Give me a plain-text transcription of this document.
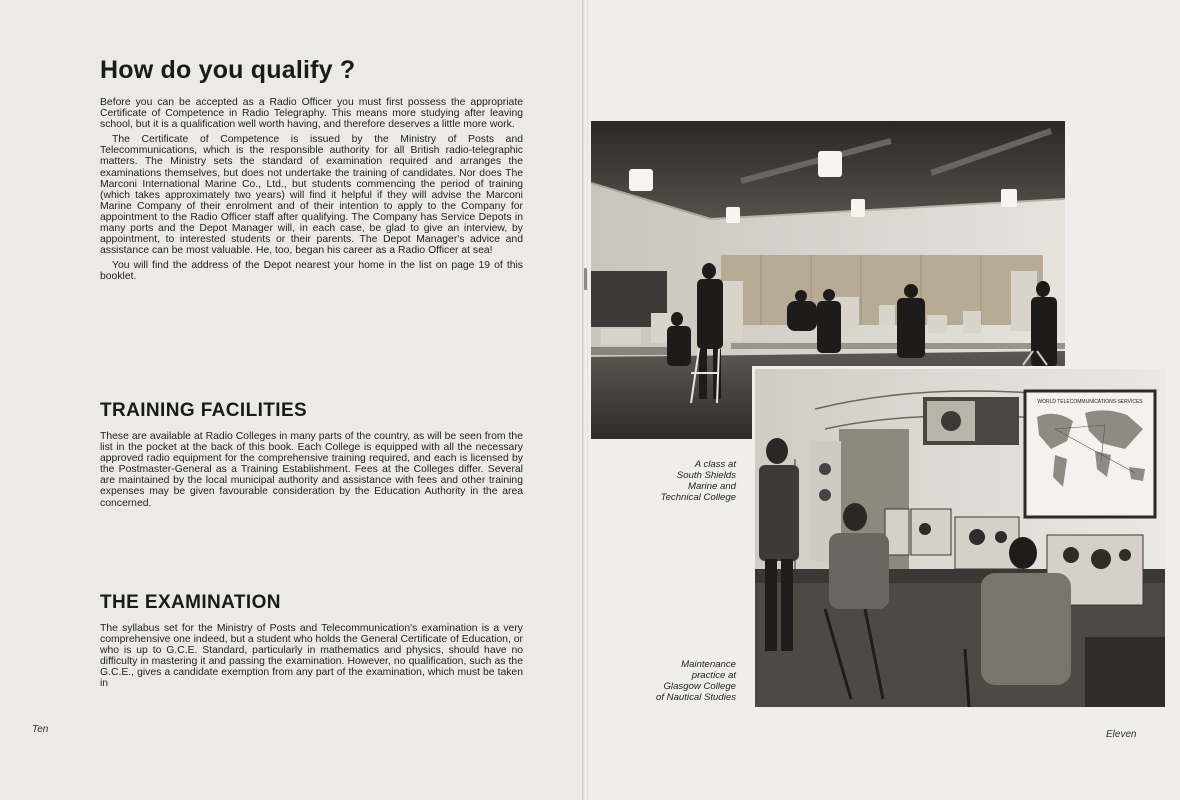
How do you qualify ?

Before you can be accepted as a Radio Officer you must first possess the appropriate Certificate of Competence in Radio Telegraphy. This means more studying after leaving school, but it is a qualification well worth having, and therefore deserves a little more work.

The Certificate of Competence is issued by the Ministry of Posts and Telecommunications, which is the responsible authority for all British radio-telegraphic matters. The Ministry sets the standard of examination required and arranges the examinations themselves, but does not undertake the training of candidates. Nor does The Marconi International Marine Co., Ltd., but students commencing the period of training (which takes approximately two years) will find it helpful if they will advise the Marconi Marine Company of their enrolment and of their intention to apply to the Company for appointment to the Radio Officer staff after qualifying. The Company has Service Depots in many ports and the Depot Manager will, in each case, be glad to give an interview, by appointment, to interested students or their parents. The Depot Manager's advice and assistance can be most valuable. He, too, began his career as a Radio Officer at sea!

You will find the address of the Depot nearest your home in the list on page 19 of this booklet.

TRAINING FACILITIES

These are available at Radio Colleges in many parts of the country, as will be seen from the list in the pocket at the back of this book. Each College is equipped with all the necessary approved radio equipment for the comprehensive training required, and each is licensed by the Postmaster-General as a Training Establishment. Fees at the Colleges differ. Several are maintained by the local municipal authority and assistance with fees and other training expenses may be given favourable consideration by the Education Authority in the area concerned.

THE EXAMINATION

The syllabus set for the Ministry of Posts and Telecommunication's examination is a very comprehensive one indeed, but a student who holds the General Certificate of Education, or who is up to G.C.E. Standard, particularly in mathematics and physics, should have no difficulty in mastering it and passing the examination. However, no qualification, such as the G.C.E., gives a candidate exemption from any part of the examination, which must be taken in

Ten
WORLD TELECOMMUNICATIONS SERVICES
A class at
South Shields
Marine and
Technical College
Maintenance
practice at
Glasgow College
of Nautical Studies
Eleven
